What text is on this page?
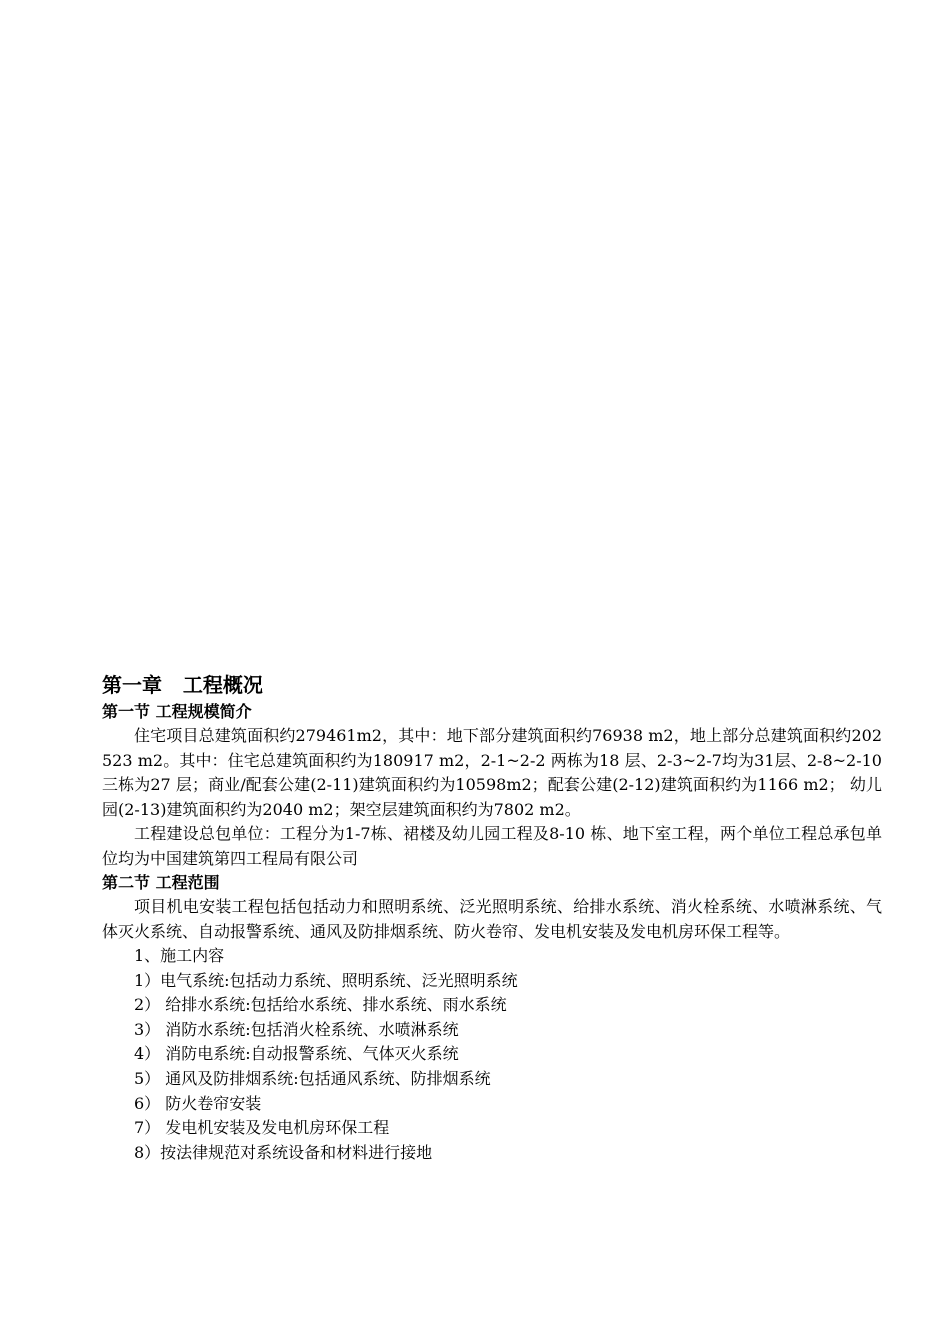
第一章   工程概况
第一节 工程规模简介

住宅项目总建筑面积约279461m2，其中：地下部分建筑面积约76938 m2，地上部分总建筑面积约202523 m2。其中：住宅总建筑面积约为180917 m2，2-1~2-2 两栋为18 层、2-3~2-7均为31层、2-8~2-10三栋为27 层；商业/配套公建(2-11)建筑面积约为10598m2；配套公建(2-12)建筑面积约为1166 m2； 幼儿园(2-13)建筑面积约为2040 m2；架空层建筑面积约为7802 m2。

工程建设总包单位：工程分为1-7栋、裙楼及幼儿园工程及8-10 栋、地下室工程，两个单位工程总承包单位均为中国建筑第四工程局有限公司

第二节 工程范围

项目机电安装工程包括包括动力和照明系统、泛光照明系统、给排水系统、消火栓系统、水喷淋系统、气体灭火系统、自动报警系统、通风及防排烟系统、防火卷帘、发电机安装及发电机房环保工程等。

1、施工内容
1）电气系统:包括动力系统、照明系统、泛光照明系统
2） 给排水系统:包括给水系统、排水系统、雨水系统
3） 消防水系统:包括消火栓系统、水喷淋系统
4） 消防电系统:自动报警系统、气体灭火系统
5） 通风及防排烟系统:包括通风系统、防排烟系统
6） 防火卷帘安装
7） 发电机安装及发电机房环保工程
8）按法律规范对系统设备和材料进行接地
